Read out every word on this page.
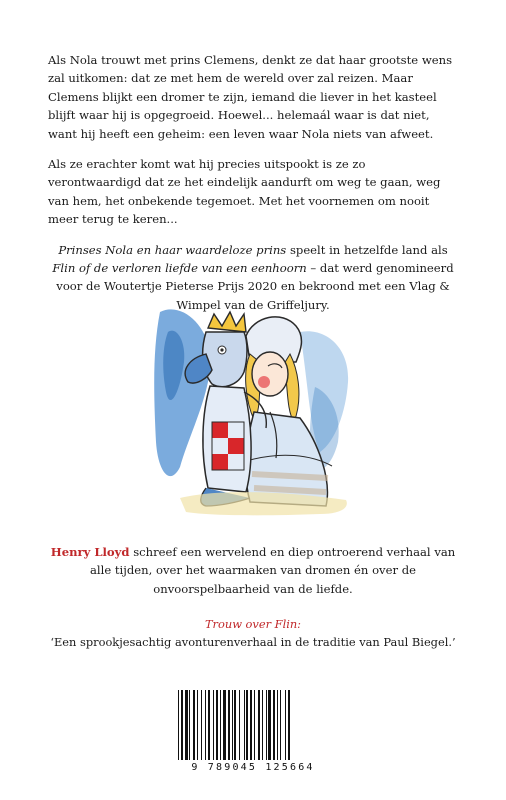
Als Nola trouwt met prins Clemens, denkt ze dat haar grootste wens zal uitkomen: dat ze met hem de wereld over zal reizen. Maar Clemens blijkt een dromer te zijn, iemand die liever in het kasteel blijft waar hij is opgegroeid. Hoewel... helemaál waar is dat niet, want hij heeft een geheim: een leven waar Nola niets van afweet.

Als ze erachter komt wat hij precies uitspookt is ze zo verontwaardigd dat ze het eindelijk aandurft om weg te gaan, weg van hem, het onbekende tegemoet. Met het voornemen om nooit meer terug te keren...

Prinses Nola en haar waardeloze prins speelt in hetzelfde land als Flin of de verloren liefde van een eenhoorn – dat werd genomineerd voor de Woutertje Pieterse Prijs 2020 en bekroond met een Vlag & Wimpel van de Griffeljury.

Henry Lloyd schreef een wervelend en diep ontroerend verhaal van alle tijden, over het waarmaken van dromen én over de onvoorspelbaarheid van de liefde.
Trouw over Flin:
‘Een sprookjesachtig avonturenverhaal in de traditie van Paul Biegel.’
9 789045 125664
